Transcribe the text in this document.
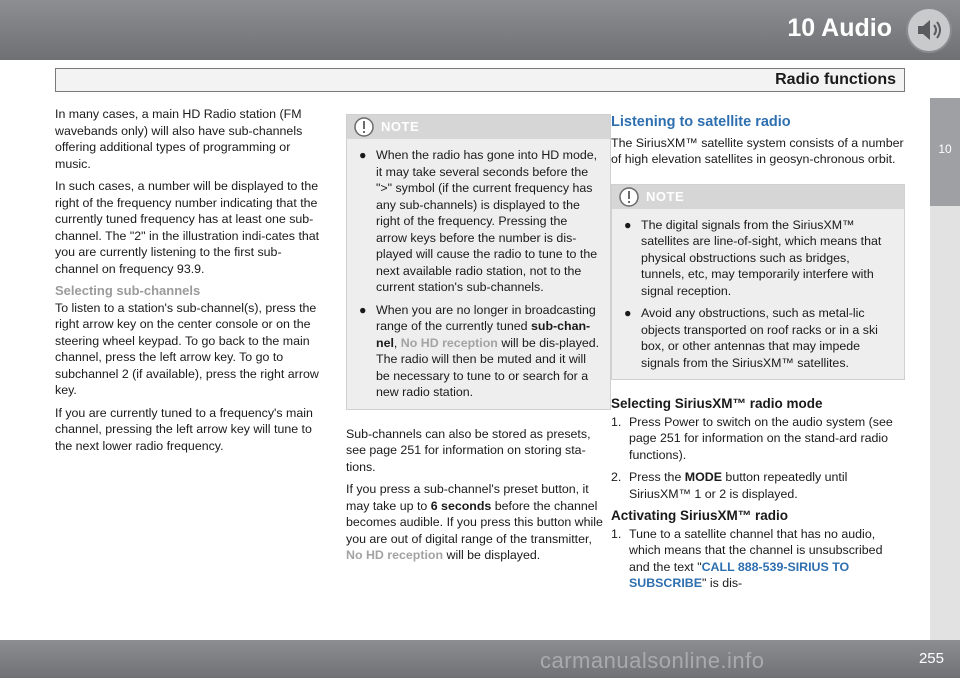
10 Audio
Radio functions
10

In many cases, a main HD Radio station (FM wavebands only) will also have sub-channels offering additional types of programming or music.

In such cases, a number will be displayed to the right of the frequency number indicating that the currently tuned frequency has at least one sub-channel. The "2" in the illustration indi-cates that you are currently listening to the first sub-channel on frequency 93.9.

Selecting sub-channels

To listen to a station's sub-channel(s), press the right arrow key on the center console or on the steering wheel keypad. To go back to the main channel, press the left arrow key. To go to subchannel 2 (if available), press the right arrow key.

If you are currently tuned to a frequency's main channel, pressing the left arrow key will tune to the next lower radio frequency.

NOTE
● When the radio has gone into HD mode, it may take several seconds before the ">" symbol (if the current frequency has any sub-channels) is displayed to the right of the frequency. Pressing the arrow keys before the number is dis-played will cause the radio to tune to the next available radio station, not to the current station's sub-channels.
● When you are no longer in broadcasting range of the currently tuned sub-chan-nel, No HD reception will be dis-played. The radio will then be muted and it will be necessary to tune to or search for a new radio station.

Sub-channels can also be stored as presets, see page 251 for information on storing sta-tions.

If you press a sub-channel's preset button, it may take up to 6 seconds before the channel becomes audible. If you press this button while you are out of digital range of the transmitter, No HD reception will be displayed.

Listening to satellite radio

The SiriusXM™ satellite system consists of a number of high elevation satellites in geosyn-chronous orbit.

NOTE
● The digital signals from the SiriusXM™ satellites are line-of-sight, which means that physical obstructions such as bridges, tunnels, etc, may temporarily interfere with signal reception.
● Avoid any obstructions, such as metal-lic objects transported on roof racks or in a ski box, or other antennas that may impede signals from the SiriusXM™ satellites.
Selecting SiriusXM™ radio mode
1. Press Power to switch on the audio system (see page 251 for information on the stand-ard radio functions).
2. Press the MODE button repeatedly until SiriusXM™ 1 or 2 is displayed.
Activating SiriusXM™ radio
1. Tune to a satellite channel that has no audio, which means that the channel is unsubscribed and the text "CALL 888-539-SIRIUS TO SUBSCRIBE" is dis-
carmanualsonline.info	255
